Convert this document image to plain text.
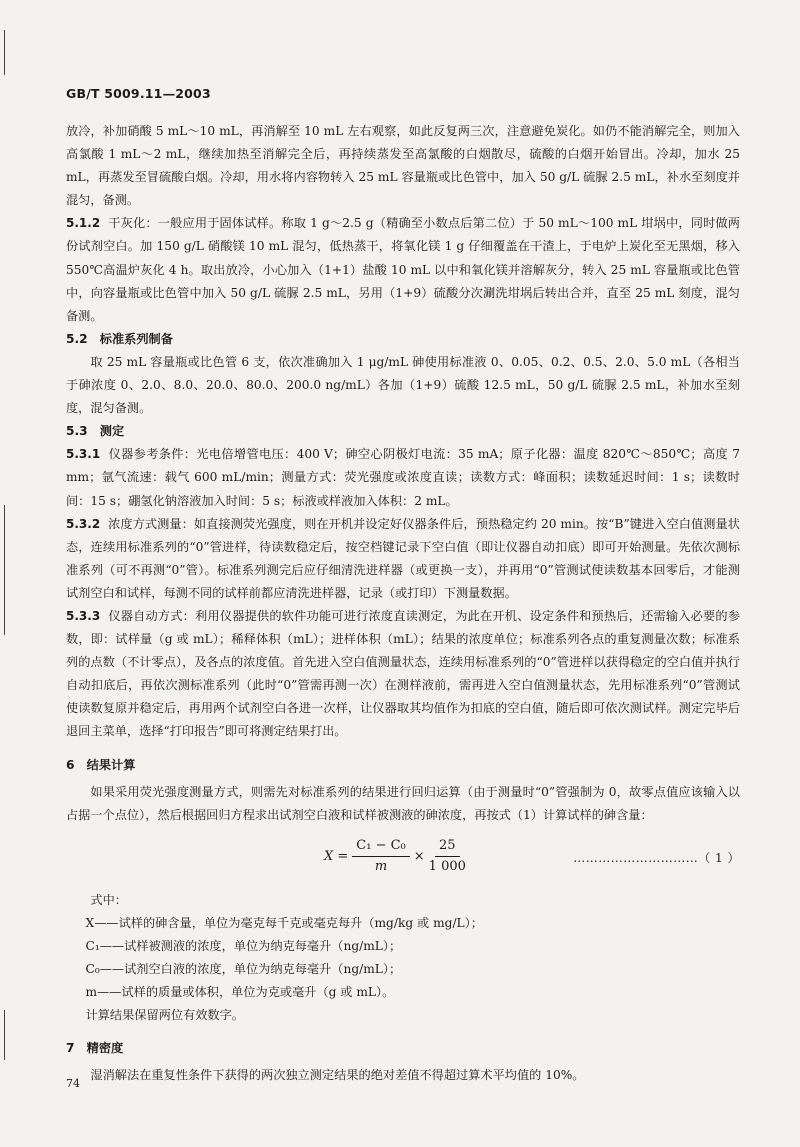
GB/T 5009.11—2003

放冷，补加硝酸 5 mL～10 mL，再消解至 10 mL 左右观察，如此反复两三次，注意避免炭化。如仍不能消解完全，则加入高氯酸 1 mL～2 mL，继续加热至消解完全后，再持续蒸发至高氯酸的白烟散尽，硫酸的白烟开始冒出。冷却，加水 25 mL，再蒸发至冒硫酸白烟。冷却，用水将内容物转入 25 mL 容量瓶或比色管中，加入 50 g/L 硫脲 2.5 mL，补水至刻度并混匀，备测。

5.1.2 干灰化：一般应用于固体试样。称取 1 g～2.5 g（精确至小数点后第二位）于 50 mL～100 mL 坩埚中，同时做两份试剂空白。加 150 g/L 硝酸镁 10 mL 混匀，低热蒸干，将氧化镁 1 g 仔细覆盖在干渣上，于电炉上炭化至无黑烟，移入 550℃高温炉灰化 4 h。取出放冷，小心加入（1+1）盐酸 10 mL 以中和氧化镁并溶解灰分，转入 25 mL 容量瓶或比色管中，向容量瓶或比色管中加入 50 g/L 硫脲 2.5 mL，另用（1+9）硫酸分次涮洗坩埚后转出合并，直至 25 mL 刻度，混匀备测。

5.2　标准系列制备

取 25 mL 容量瓶或比色管 6 支，依次准确加入 1 μg/mL 砷使用标准液 0、0.05、0.2、0.5、2.0、5.0 mL（各相当于砷浓度 0、2.0、8.0、20.0、80.0、200.0 ng/mL）各加（1+9）硫酸 12.5 mL，50 g/L 硫脲 2.5 mL，补加水至刻度，混匀备测。

5.3　测定

5.3.1 仪器参考条件：光电倍增管电压：400 V；砷空心阴极灯电流：35 mA；原子化器：温度 820℃～850℃；高度 7 mm；氩气流速：载气 600 mL/min；测量方式：荧光强度或浓度直读；读数方式：峰面积；读数延迟时间：1 s；读数时间：15 s；硼氢化钠溶液加入时间：5 s；标液或样液加入体积：2 mL。

5.3.2 浓度方式测量：如直接测荧光强度，则在开机并设定好仪器条件后，预热稳定约 20 min。按“B”键进入空白值测量状态，连续用标准系列的“0”管进样，待读数稳定后，按空档键记录下空白值（即让仪器自动扣底）即可开始测量。先依次测标准系列（可不再测“0”管）。标准系列测完后应仔细清洗进样器（或更换一支），并再用“0”管测试使读数基本回零后，才能测试剂空白和试样，每测不同的试样前都应清洗进样器，记录（或打印）下测量数据。

5.3.3 仪器自动方式：利用仪器提供的软件功能可进行浓度直读测定，为此在开机、设定条件和预热后，还需输入必要的参数，即：试样量（g 或 mL）；稀释体积（mL）；进样体积（mL）；结果的浓度单位；标准系列各点的重复测量次数；标准系列的点数（不计零点），及各点的浓度值。首先进入空白值测量状态，连续用标准系列的“0”管进样以获得稳定的空白值并执行自动扣底后，再依次测标准系列（此时“0”管需再测一次）在测样液前，需再进入空白值测量状态，先用标准系列“0”管测试使读数复原并稳定后，再用两个试剂空白各进一次样，让仪器取其均值作为扣底的空白值，随后即可依次测试样。测定完毕后退回主菜单，选择“打印报告”即可将测定结果打出。

6　结果计算

如果采用荧光强度测量方式，则需先对标准系列的结果进行回归运算（由于测量时“0”管强制为 0，故零点值应该输入以占据一个点位），然后根据回归方程求出试剂空白液和试样被测液的砷浓度，再按式（1）计算试样的砷含量：

$X = \frac{\text{C₁ − C₀}}{m} \times \frac{25}{1 000}$	…………………………（ 1 ）
式中：
X——试样的砷含量，单位为毫克每千克或毫克每升（mg/kg 或 mg/L）；
C₁——试样被测液的浓度，单位为纳克每毫升（ng/mL）；
C₀——试剂空白液的浓度，单位为纳克每毫升（ng/mL）；
m——试样的质量或体积，单位为克或毫升（g 或 mL）。
计算结果保留两位有效数字。

7　精密度

湿消解法在重复性条件下获得的两次独立测定结果的绝对差值不得超过算术平均值的 10%。

74
